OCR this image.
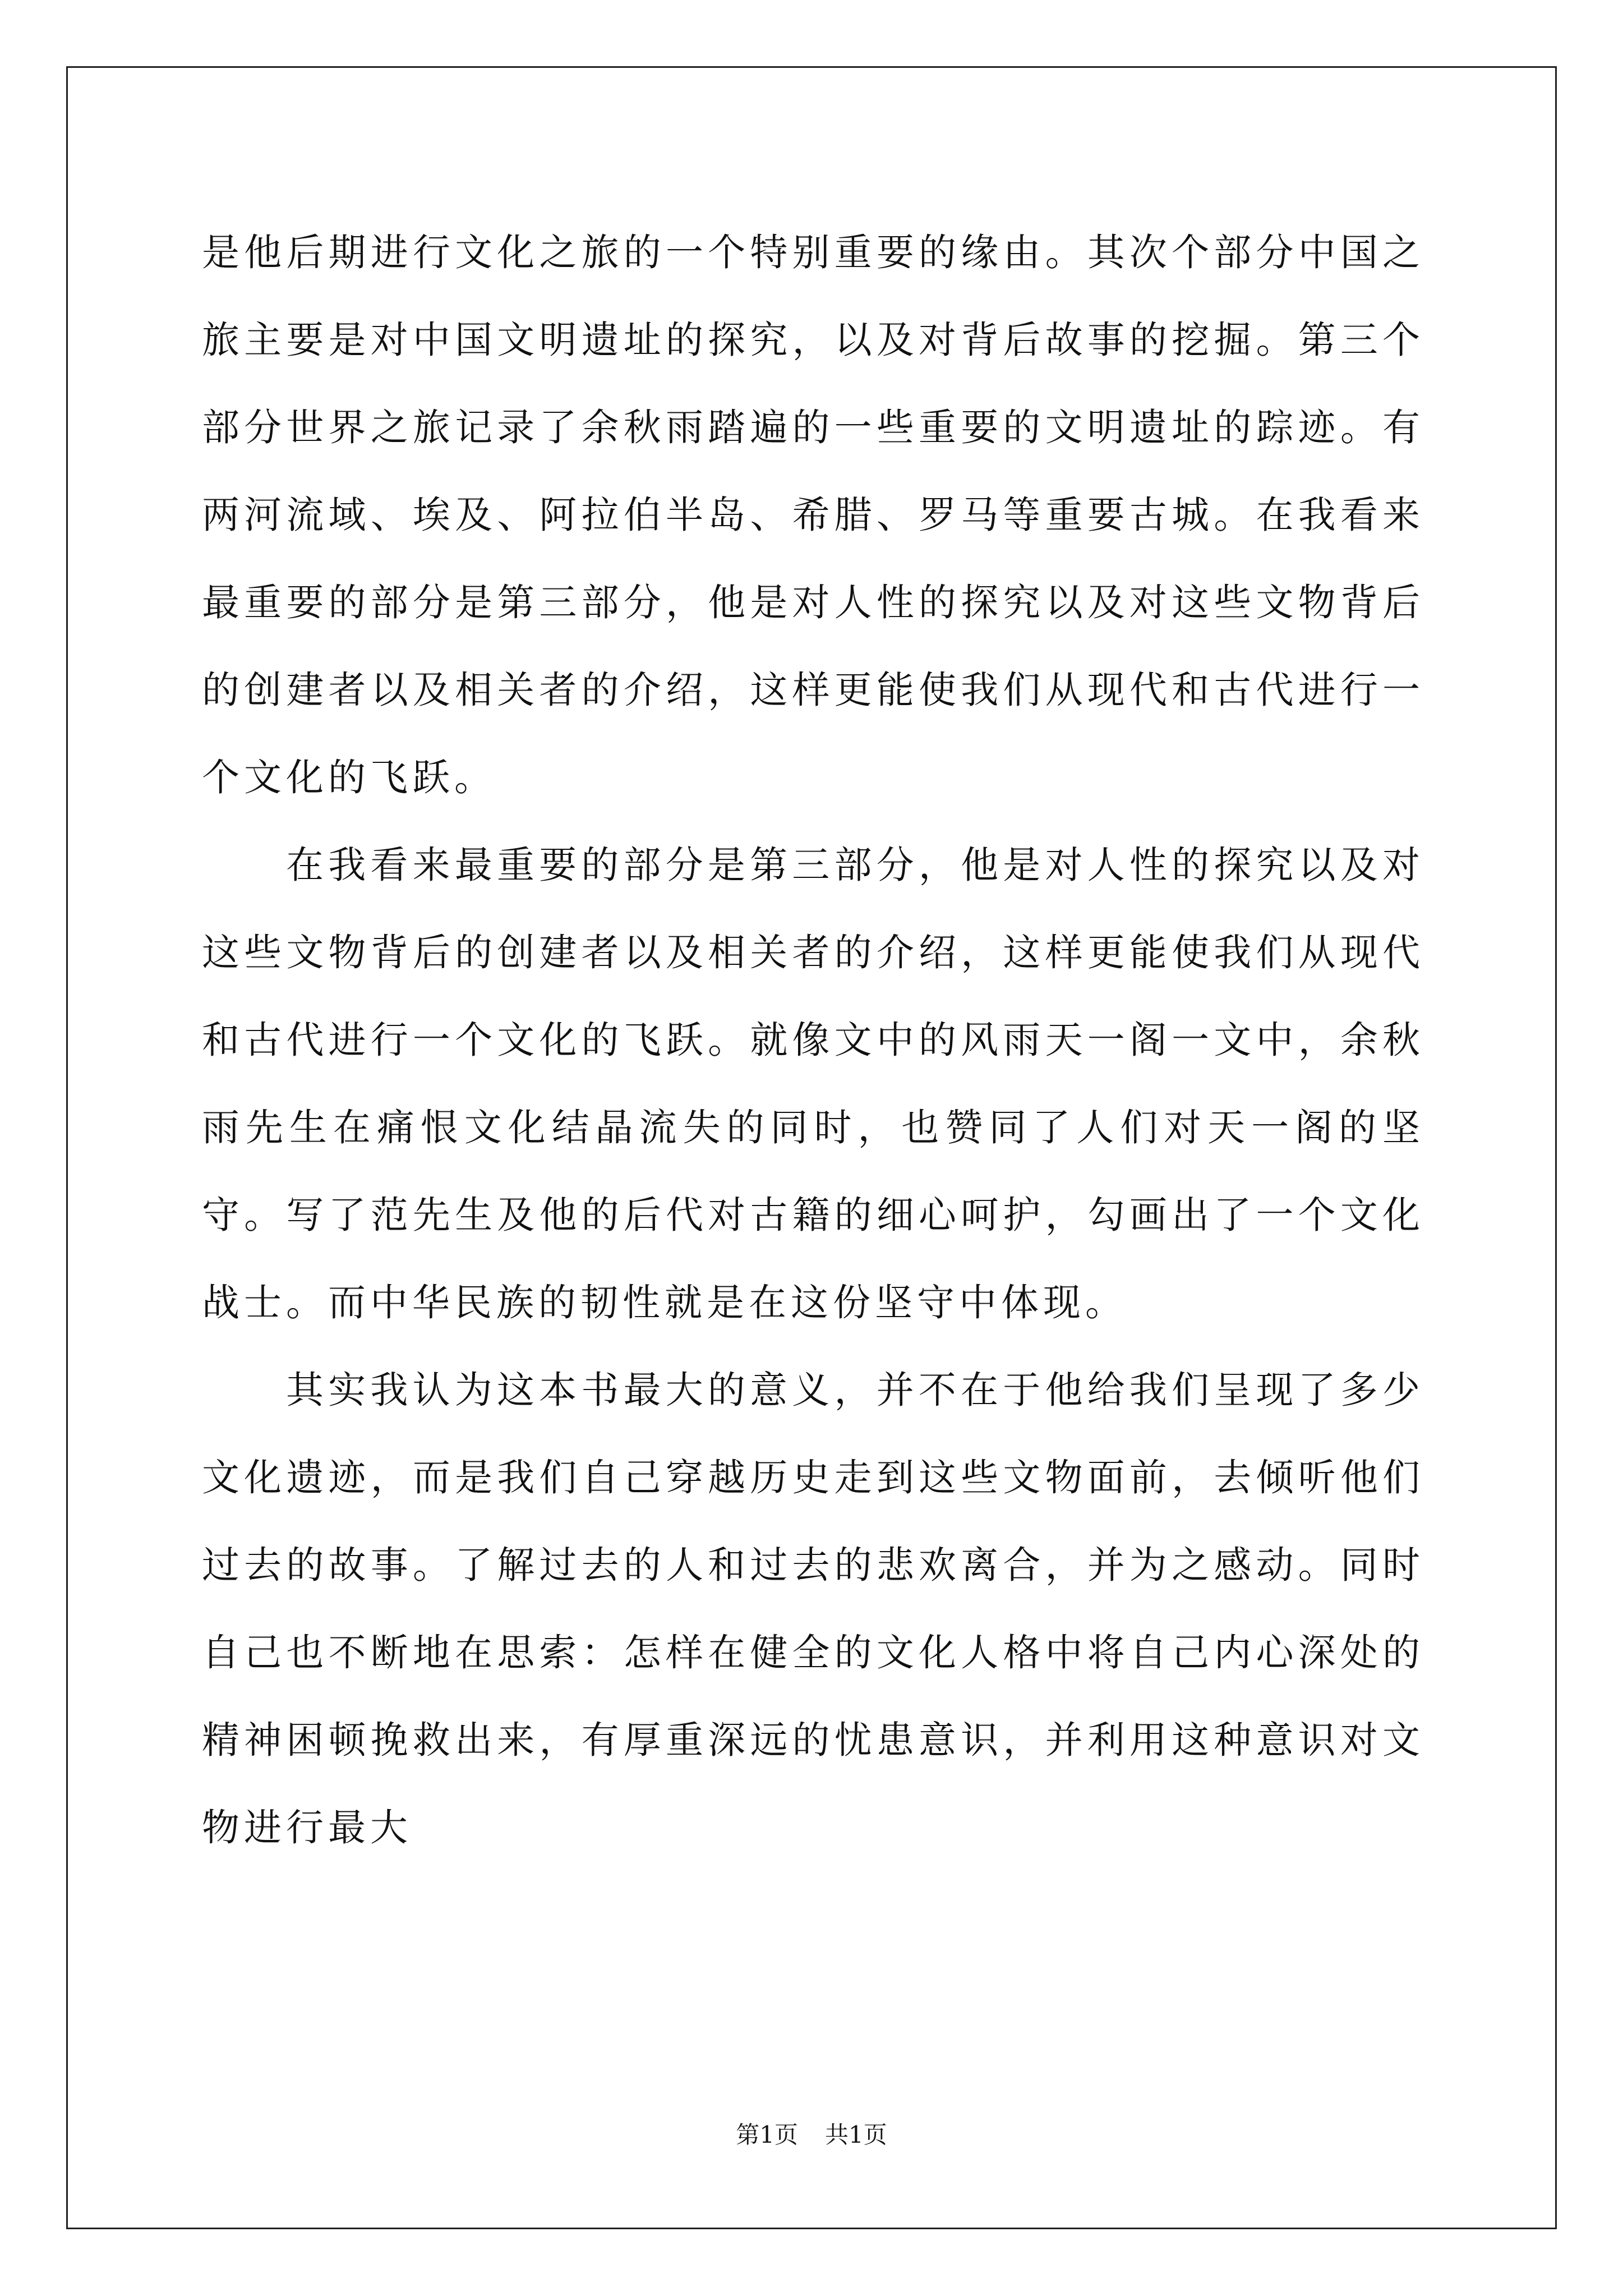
是他后期进行文化之旅的一个特别重要的缘由。其次个部分中国之旅主要是对中国文明遗址的探究，以及对背后故事的挖掘。第三个部分世界之旅记录了余秋雨踏遍的一些重要的文明遗址的踪迹。有两河流域、埃及、阿拉伯半岛、希腊、罗马等重要古城。在我看来最重要的部分是第三部分，他是对人性的探究以及对这些文物背后的创建者以及相关者的介绍，这样更能使我们从现代和古代进行一个文化的飞跃。

在我看来最重要的部分是第三部分，他是对人性的探究以及对这些文物背后的创建者以及相关者的介绍，这样更能使我们从现代和古代进行一个文化的飞跃。就像文中的风雨天一阁一文中，余秋雨先生在痛恨文化结晶流失的同时，也赞同了人们对天一阁的坚守。写了范先生及他的后代对古籍的细心呵护，勾画出了一个文化战士。而中华民族的韧性就是在这份坚守中体现。

其实我认为这本书最大的意义，并不在于他给我们呈现了多少文化遗迹，而是我们自己穿越历史走到这些文物面前，去倾听他们过去的故事。了解过去的人和过去的悲欢离合，并为之感动。同时自己也不断地在思索：怎样在健全的文化人格中将自己内心深处的精神困顿挽救出来，有厚重深远的忧患意识，并利用这种意识对文物进行最大

第1页 共1页
